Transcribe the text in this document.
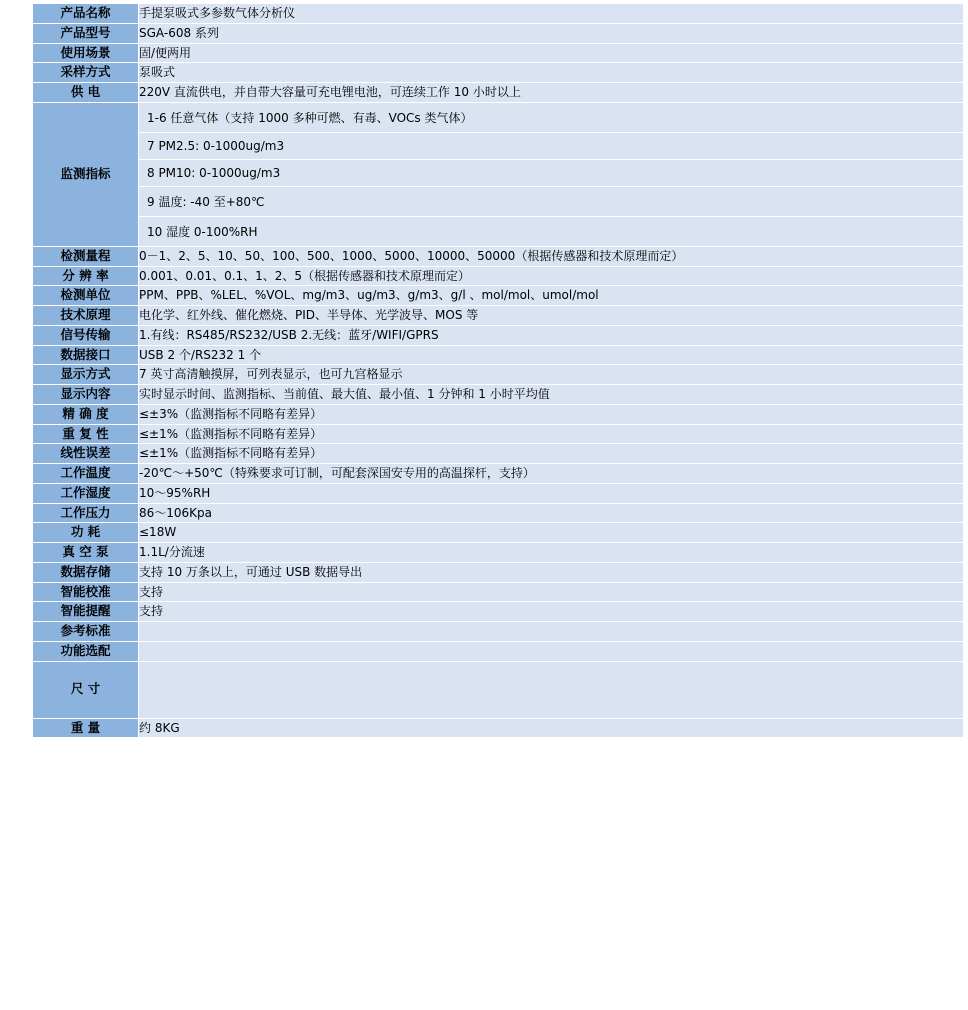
产品名称	手提泵吸式多参数气体分析仪
产品型号	SGA-608 系列
使用场景	固/便两用
采样方式	泵吸式
供 电	220V 直流供电，并自带大容量可充电锂电池，可连续工作 10 小时以上
监测指标	1-6 任意气体（支持 1000 多种可燃、有毒、VOCs 类气体）
7 PM2.5: 0-1000ug/m3
8 PM10: 0-1000ug/m3
9 温度: -40 至+80℃
10 湿度 0-100%RH

检测量程	0－1、2、5、10、50、100、500、1000、5000、10000、50000（根据传感器和技术原理而定）
分 辨 率	0.001、0.01、0.1、1、2、5（根据传感器和技术原理而定）
检测单位	PPM、PPB、%LEL、%VOL、mg/m3、ug/m3、g/m3、g/l 、mol/mol、umol/mol
技术原理	电化学、红外线、催化燃烧、PID、半导体、光学波导、MOS 等
信号传输	1.有线：RS485/RS232/USB 2.无线：蓝牙/WIFI/GPRS
数据接口	USB 2 个/RS232 1 个
显示方式	7 英寸高清触摸屏，可列表显示，也可九宫格显示
显示内容	实时显示时间、监测指标、当前值、最大值、最小值、1 分钟和 1 小时平均值
精 确 度	≤±3%（监测指标不同略有差异）
重 复 性	≤±1%（监测指标不同略有差异）
线性误差	≤±1%（监测指标不同略有差异）
工作温度	-20℃～+50℃（特殊要求可订制，可配套深国安专用的高温探杆，支持）
工作湿度	10～95%RH
工作压力	86～106Kpa
功 耗	≤18W
真 空 泵	1.1L/分流速
数据存储	支持 10 万条以上，可通过 USB 数据导出
智能校准	支持
智能提醒	支持
参考标准	
功能选配	

尺 寸	

重 量	约 8KG
